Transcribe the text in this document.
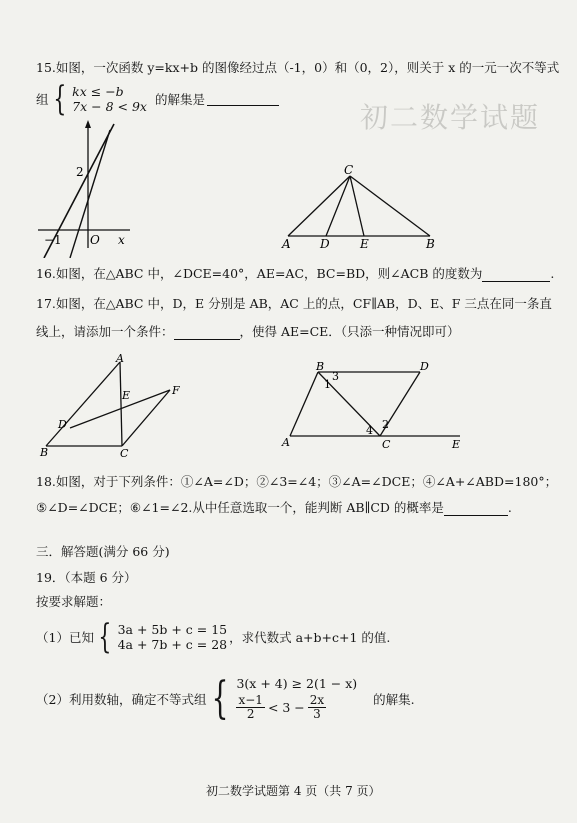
初二数学试题
15.如图，一次函数 y=kx+b 的图像经过点（-1，0）和（0，2），则关于 x 的一元一次不等式
组 { kx ≤ −b
7x − 8 < 9x 的解集是
2
−1 O x
C
A D	E	B
16.如图，在△ABC 中，∠DCE=40°，AE=AC，BC=BD，则∠ACB 的度数为	.
17.如图，在△ABC 中，D，E 分别是 AB，AC 上的点，CF∥AB，D、E、F 三点在同一条直
线上，请添加一个条件：	，使得 AE=CE．（只添一种情况即可）
A
E	F
D
B	C
B	D
A	C	E
1
2
3
4
18.如图，对于下列条件：①∠A=∠D；②∠3=∠4；③∠A=∠DCE；④∠A+∠ABD=180°；
⑤∠D=∠DCE；⑥∠1=∠2.从中任意选取一个，能判断 AB∥CD 的概率是	.
三．解答题(满分 66 分)
19．（本题 6 分）
按要求解题：
（1）已知 { 3a + 5b + c = 15
4a + 7b + c = 28 ，求代数式 a+b+c+1 的值.
（2）利用数轴，确定不等式组 { 3(x + 4) ≥ 2(1 − x)
$\frac{x-1}{2} < 3 - \frac{2x}{3}$	的解集.
初二数学试题第 4 页（共 7 页）
